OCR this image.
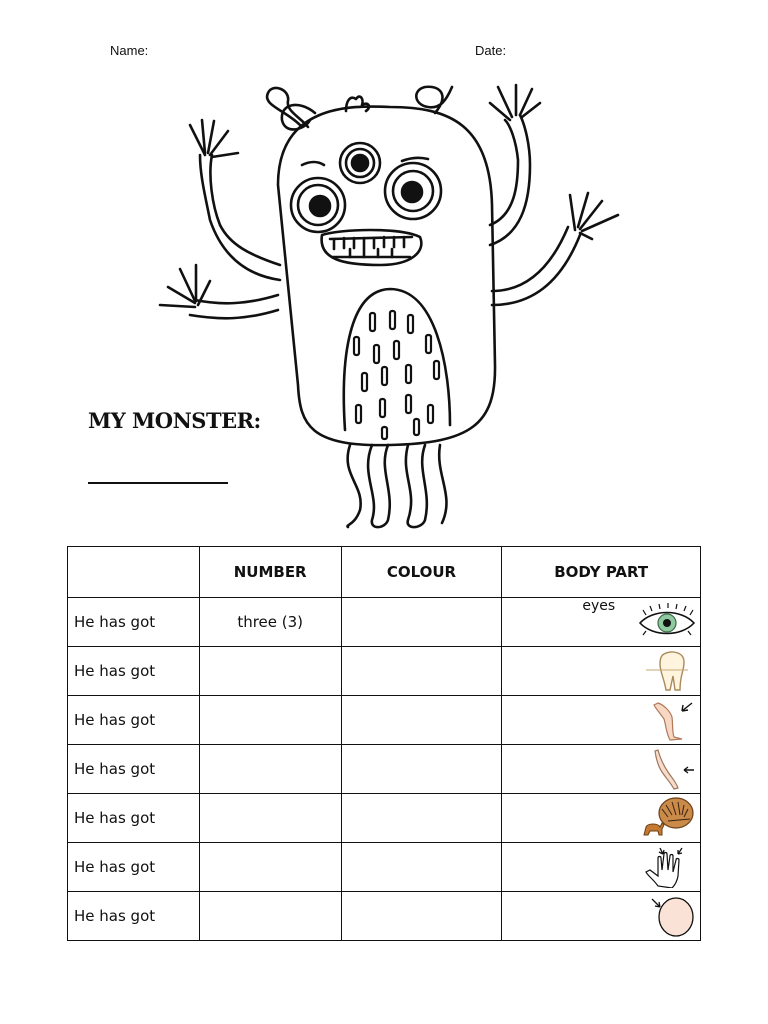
Name:	Date:
MY MONSTER:
	NUMBER	COLOUR	BODY PART
He has got	three (3)		eyes

He has got			

He has got			

He has got			

He has got			

He has got			

He has got			
